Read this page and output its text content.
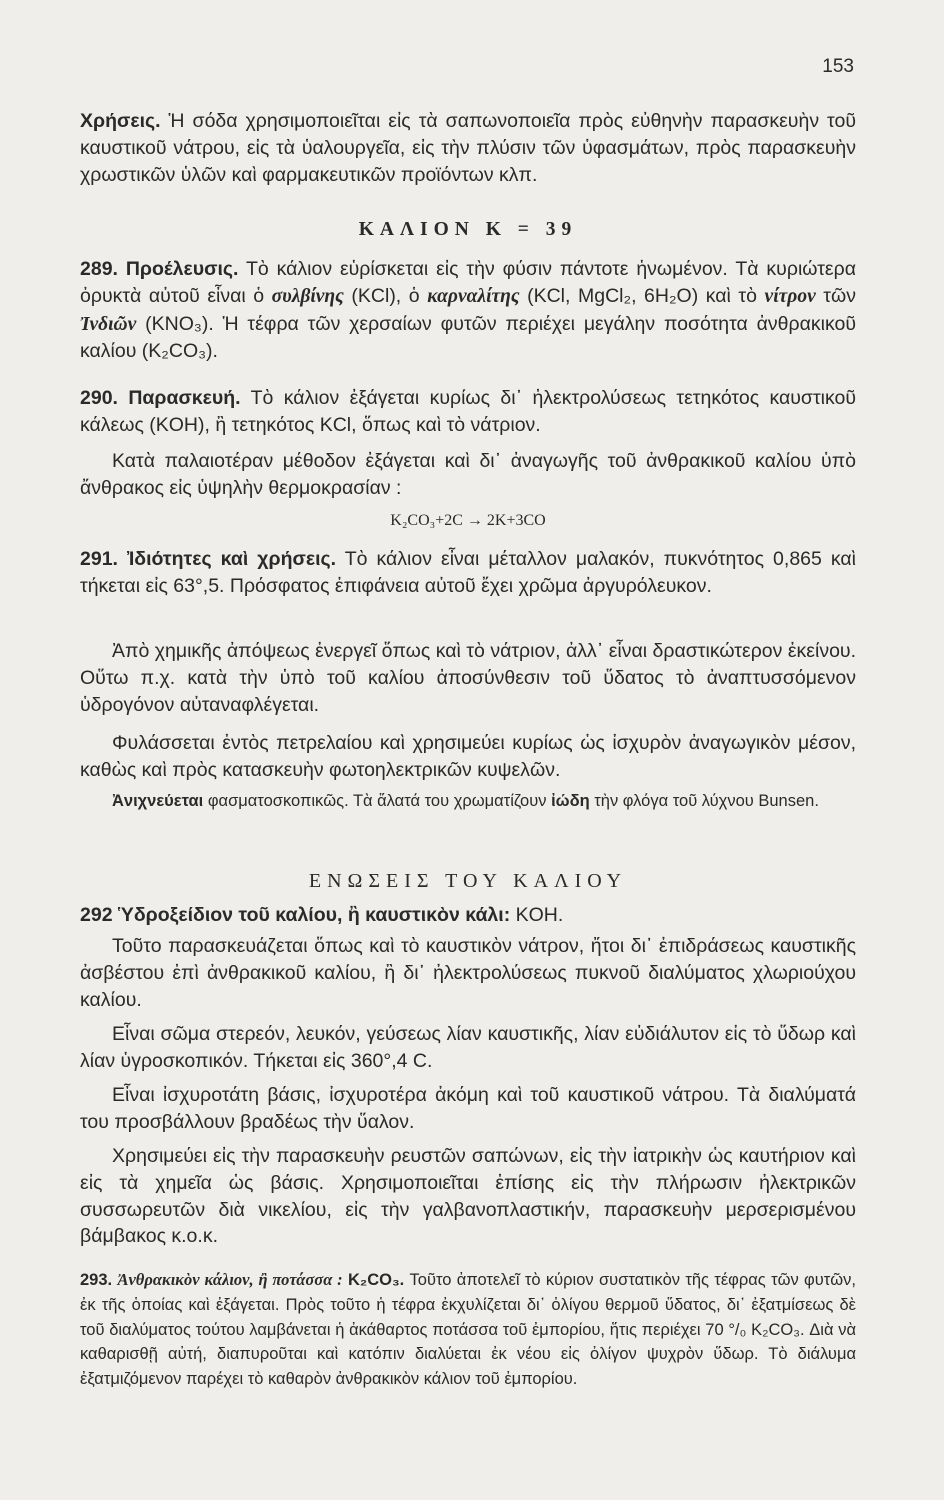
153
Χρήσεις. Ἡ σόδα χρησιμοποιεῖται εἰς τὰ σαπωνοποιεῖα πρὸς εὐθηνὴν παρασκευὴν τοῦ καυστικοῦ νάτρου, εἰς τὰ ὑαλουργεῖα, εἰς τὴν πλύσιν τῶν ὑφασμάτων, πρὸς παρασκευὴν χρωστικῶν ὑλῶν καὶ φαρμακευτικῶν προϊόντων κλπ.
ΚΑΛΙΟΝ Κ = 39
289. Προέλευσις. Τὸ κάλιον εὑρίσκεται εἰς τὴν φύσιν πάντοτε ἡνωμένον. Τὰ κυριώτερα ὀρυκτὰ αὐτοῦ εἶναι ὁ συλβίνης (KCl), ὁ καρναλίτης (KCl, MgCl₂, 6H₂O) καὶ τὸ νίτρον τῶν Ἰνδιῶν (KNO₃). Ἡ τέφρα τῶν χερσαίων φυτῶν περιέχει μεγάλην ποσότητα ἀνθρακικοῦ καλίου (K₂CO₃).
290. Παρασκευή. Τὸ κάλιον ἐξάγεται κυρίως δι᾽ ἠλεκτρολύσεως τετηκότος καυστικοῦ κάλεως (KOH), ἢ τετηκότος KCl, ὅπως καὶ τὸ νάτριον.
Κατὰ παλαιοτέραν μέθοδον ἐξάγεται καὶ δι᾽ ἀναγωγῆς τοῦ ἀνθρακικοῦ καλίου ὑπὸ ἄνθρακος εἰς ὑψηλὴν θερμοκρασίαν :
K₂CO₃+2C → 2K+3CO
291. Ἰδιότητες καὶ χρήσεις. Τὸ κάλιον εἶναι μέταλλον μαλακόν, πυκνότητος 0,865 καὶ τήκεται εἰς 63°,5. Πρόσφατος ἐπιφάνεια αὐτοῦ ἔχει χρῶμα ἀργυρόλευκον.
Ἀπὸ χημικῆς ἀπόψεως ἐνεργεῖ ὅπως καὶ τὸ νάτριον, ἀλλ᾽ εἶναι δραστικώτερον ἐκείνου. Οὕτω π.χ. κατὰ τὴν ὑπὸ τοῦ καλίου ἀποσύνθεσιν τοῦ ὕδατος τὸ ἀναπτυσσόμενον ὑδρογόνον αὐταναφλέγεται.
Φυλάσσεται ἐντὸς πετρελαίου καὶ χρησιμεύει κυρίως ὡς ἰσχυρὸν ἀναγωγικὸν μέσον, καθὼς καὶ πρὸς κατασκευὴν φωτοηλεκτρικῶν κυψελῶν.
Ἀνιχνεύεται φασματοσκοπικῶς. Τὰ ἅλατά του χρωματίζουν ἰώδη τὴν φλόγα τοῦ λύχνου Bunsen.
ΕΝΩΣΕΙΣ ΤΟΥ ΚΑΛΙΟΥ
292 Ὑδροξείδιον τοῦ καλίου, ἢ καυστικὸν κάλι: KOH.
Τοῦτο παρασκευάζεται ὅπως καὶ τὸ καυστικὸν νάτρον, ἤτοι δι᾽ ἐπιδράσεως καυστικῆς ἀσβέστου ἐπὶ ἀνθρακικοῦ καλίου, ἢ δι᾽ ἠλεκτρολύσεως πυκνοῦ διαλύματος χλωριούχου καλίου.
Εἶναι σῶμα στερεόν, λευκόν, γεύσεως λίαν καυστικῆς, λίαν εὐδιάλυτον εἰς τὸ ὕδωρ καὶ λίαν ὑγροσκοπικόν. Τήκεται εἰς 360°,4 C.
Εἶναι ἰσχυροτάτη βάσις, ἰσχυροτέρα ἀκόμη καὶ τοῦ καυστικοῦ νάτρου. Τὰ διαλύματά του προσβάλλουν βραδέως τὴν ὕαλον.
Χρησιμεύει εἰς τὴν παρασκευὴν ρευστῶν σαπώνων, εἰς τὴν ἰατρικὴν ὡς καυτήριον καὶ εἰς τὰ χημεῖα ὡς βάσις. Χρησιμοποιεῖται ἐπίσης εἰς τὴν πλήρωσιν ἠλεκτρικῶν συσσωρευτῶν διὰ νικελίου, εἰς τὴν γαλβανοπλαστικήν, παρασκευὴν μερσερισμένου βάμβακος κ.ο.κ.
293. Ἀνθρακικὸν κάλιον, ἢ ποτάσσα : K₂CO₃. Τοῦτο ἀποτελεῖ τὸ κύριον συστατικὸν τῆς τέφρας τῶν φυτῶν, ἐκ τῆς ὁποίας καὶ ἐξάγεται. Πρὸς τοῦτο ἡ τέφρα ἐκχυλίζεται δι᾽ ὀλίγου θερμοῦ ὕδατος, δι᾽ ἐξατμίσεως δὲ τοῦ διαλύματος τούτου λαμβάνεται ἡ ἀκάθαρτος ποτάσσα τοῦ ἐμπορίου, ἥτις περιέχει 70 °/₀ K₂CO₃. Διὰ νὰ καθαρισθῇ αὐτή, διαπυροῦται καὶ κατόπιν διαλύεται ἐκ νέου εἰς ὀλίγον ψυχρὸν ὕδωρ. Τὸ διάλυμα ἐξατμιζόμενον παρέχει τὸ καθαρὸν ἀνθρακικὸν κάλιον τοῦ ἐμπορίου.
